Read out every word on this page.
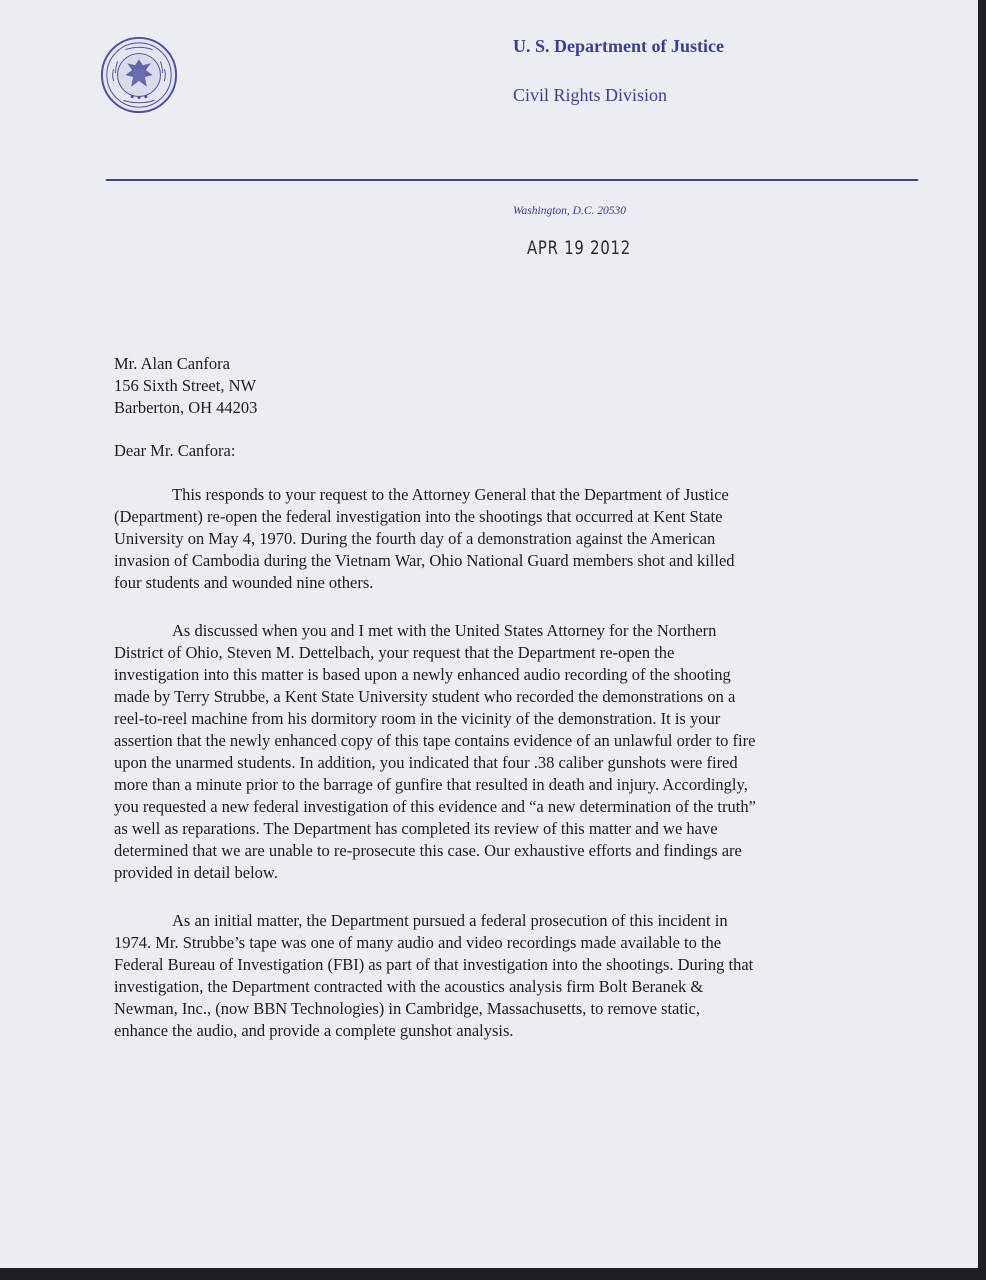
U. S. Department of Justice
Civil Rights Division
Washington, D.C. 20530
APR 19 2012
Mr. Alan Canfora
156 Sixth Street, NW
Barberton, OH 44203
Dear Mr. Canfora:
This responds to your request to the Attorney General that the Department of Justice
(Department) re-open the federal investigation into the shootings that occurred at Kent State
University on May 4, 1970. During the fourth day of a demonstration against the American
invasion of Cambodia during the Vietnam War, Ohio National Guard members shot and killed
four students and wounded nine others.
As discussed when you and I met with the United States Attorney for the Northern
District of Ohio, Steven M. Dettelbach, your request that the Department re-open the
investigation into this matter is based upon a newly enhanced audio recording of the shooting
made by Terry Strubbe, a Kent State University student who recorded the demonstrations on a
reel-to-reel machine from his dormitory room in the vicinity of the demonstration. It is your
assertion that the newly enhanced copy of this tape contains evidence of an unlawful order to fire
upon the unarmed students. In addition, you indicated that four .38 caliber gunshots were fired
more than a minute prior to the barrage of gunfire that resulted in death and injury. Accordingly,
you requested a new federal investigation of this evidence and “a new determination of the truth”
as well as reparations. The Department has completed its review of this matter and we have
determined that we are unable to re-prosecute this case. Our exhaustive efforts and findings are
provided in detail below.
As an initial matter, the Department pursued a federal prosecution of this incident in
1974. Mr. Strubbe’s tape was one of many audio and video recordings made available to the
Federal Bureau of Investigation (FBI) as part of that investigation into the shootings. During that
investigation, the Department contracted with the acoustics analysis firm Bolt Beranek &
Newman, Inc., (now BBN Technologies) in Cambridge, Massachusetts, to remove static,
enhance the audio, and provide a complete gunshot analysis.
